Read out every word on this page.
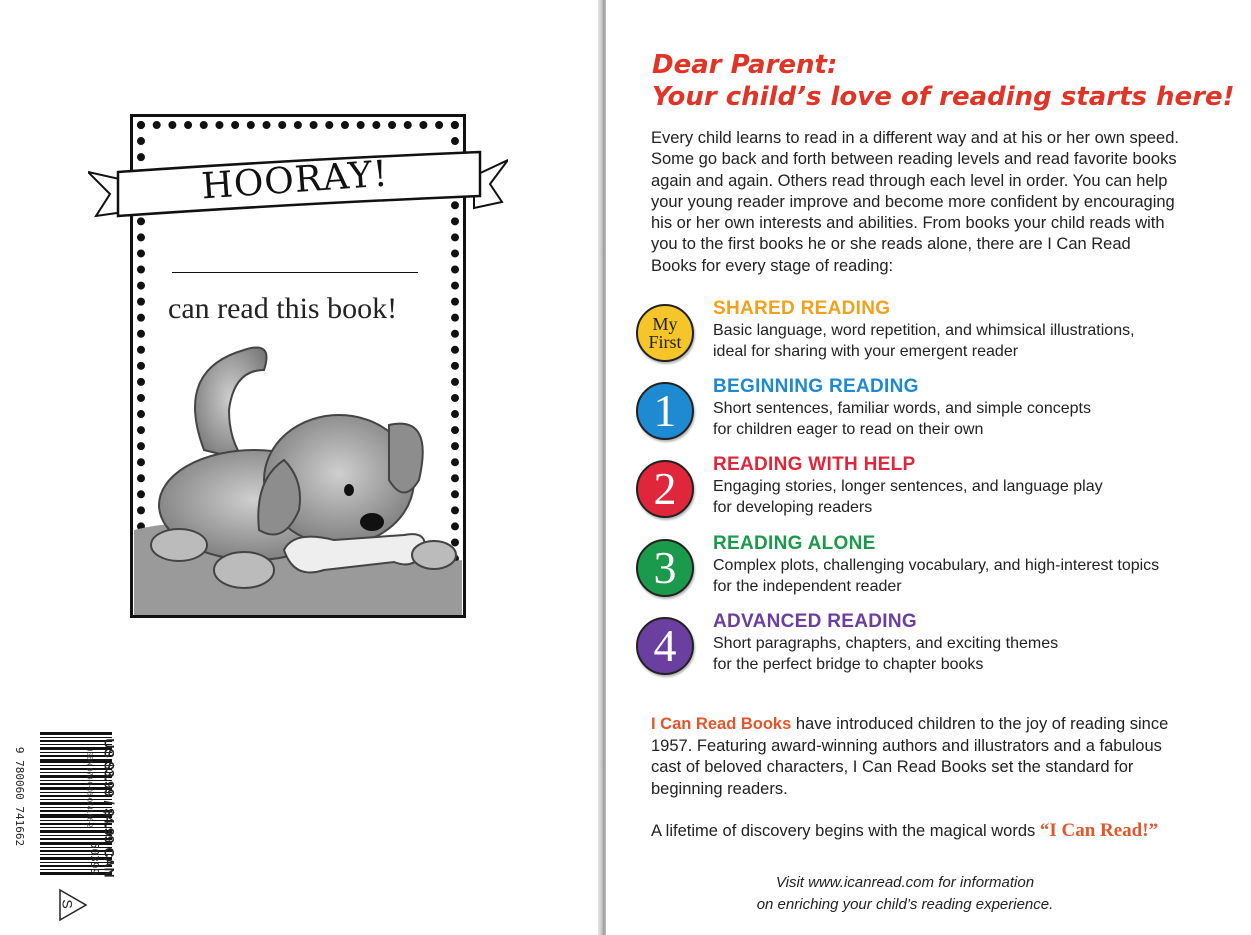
HOORAY!
can read this book!
US $3.99 / $4.99 CAN
ISBN 978-0-06-074166-2
9 780060 741662
50399
S
Dear Parent:
Your child’s love of reading starts here!
Every child learns to read in a different way and at his or her own speed. Some go back and forth between reading levels and read favorite books again and again. Others read through each level in order. You can help your young reader improve and become more confident by encouraging his or her own interests and abilities. From books your child reads with you to the first books he or she reads alone, there are I Can Read Books for every stage of reading:
My
First
SHARED READING
Basic language, word repetition, and whimsical illustrations,
ideal for sharing with your emergent reader
1	BEGINNING READING
Short sentences, familiar words, and simple concepts
for children eager to read on their own
2	READING WITH HELP
Engaging stories, longer sentences, and language play
for developing readers
3	READING ALONE
Complex plots, challenging vocabulary, and high-interest topics
for the independent reader
4	ADVANCED READING
Short paragraphs, chapters, and exciting themes
for the perfect bridge to chapter books
I Can Read Books have introduced children to the joy of reading since 1957. Featuring award-winning authors and illustrators and a fabulous cast of beloved characters, I Can Read Books set the standard for beginning readers.
A lifetime of discovery begins with the magical words “I Can Read!”
Visit www.icanread.com for information
on enriching your child’s reading experience.
